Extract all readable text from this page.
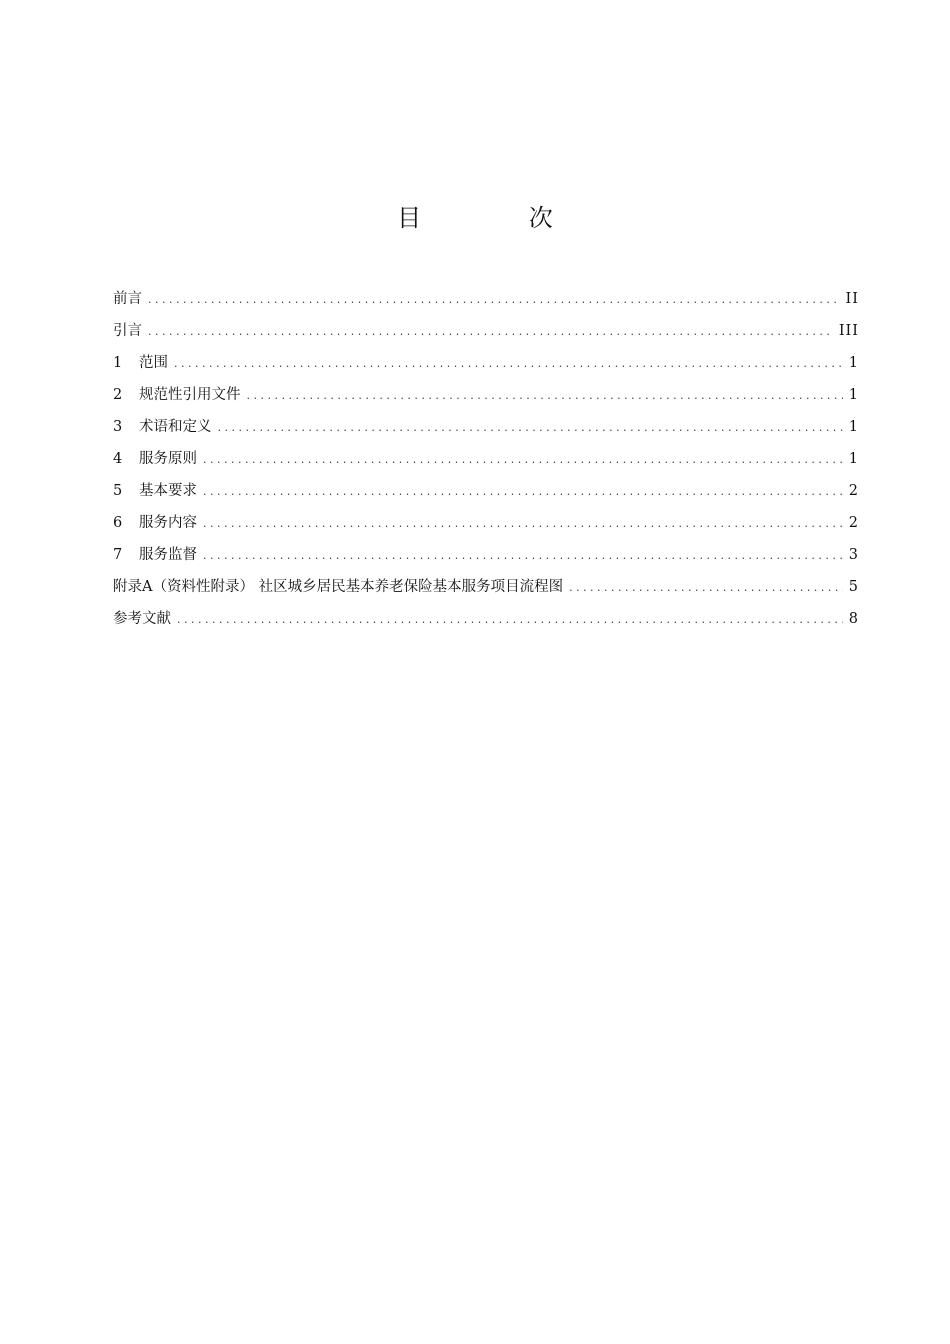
目 次
前言 . . .	II
引言 . . .	III
1	范围 . . .	1
2	规范性引用文件 . . .	1
3	术语和定义 . . .	1
4	服务原则 . . .	1
5	基本要求 . . .	2
6	服务内容 . . .	2
7	服务监督 . . .	3
附录A（资料性附录） 社区城乡居民基本养老保险基本服务项目流程图 . . .	5
参考文献 . . .	8
